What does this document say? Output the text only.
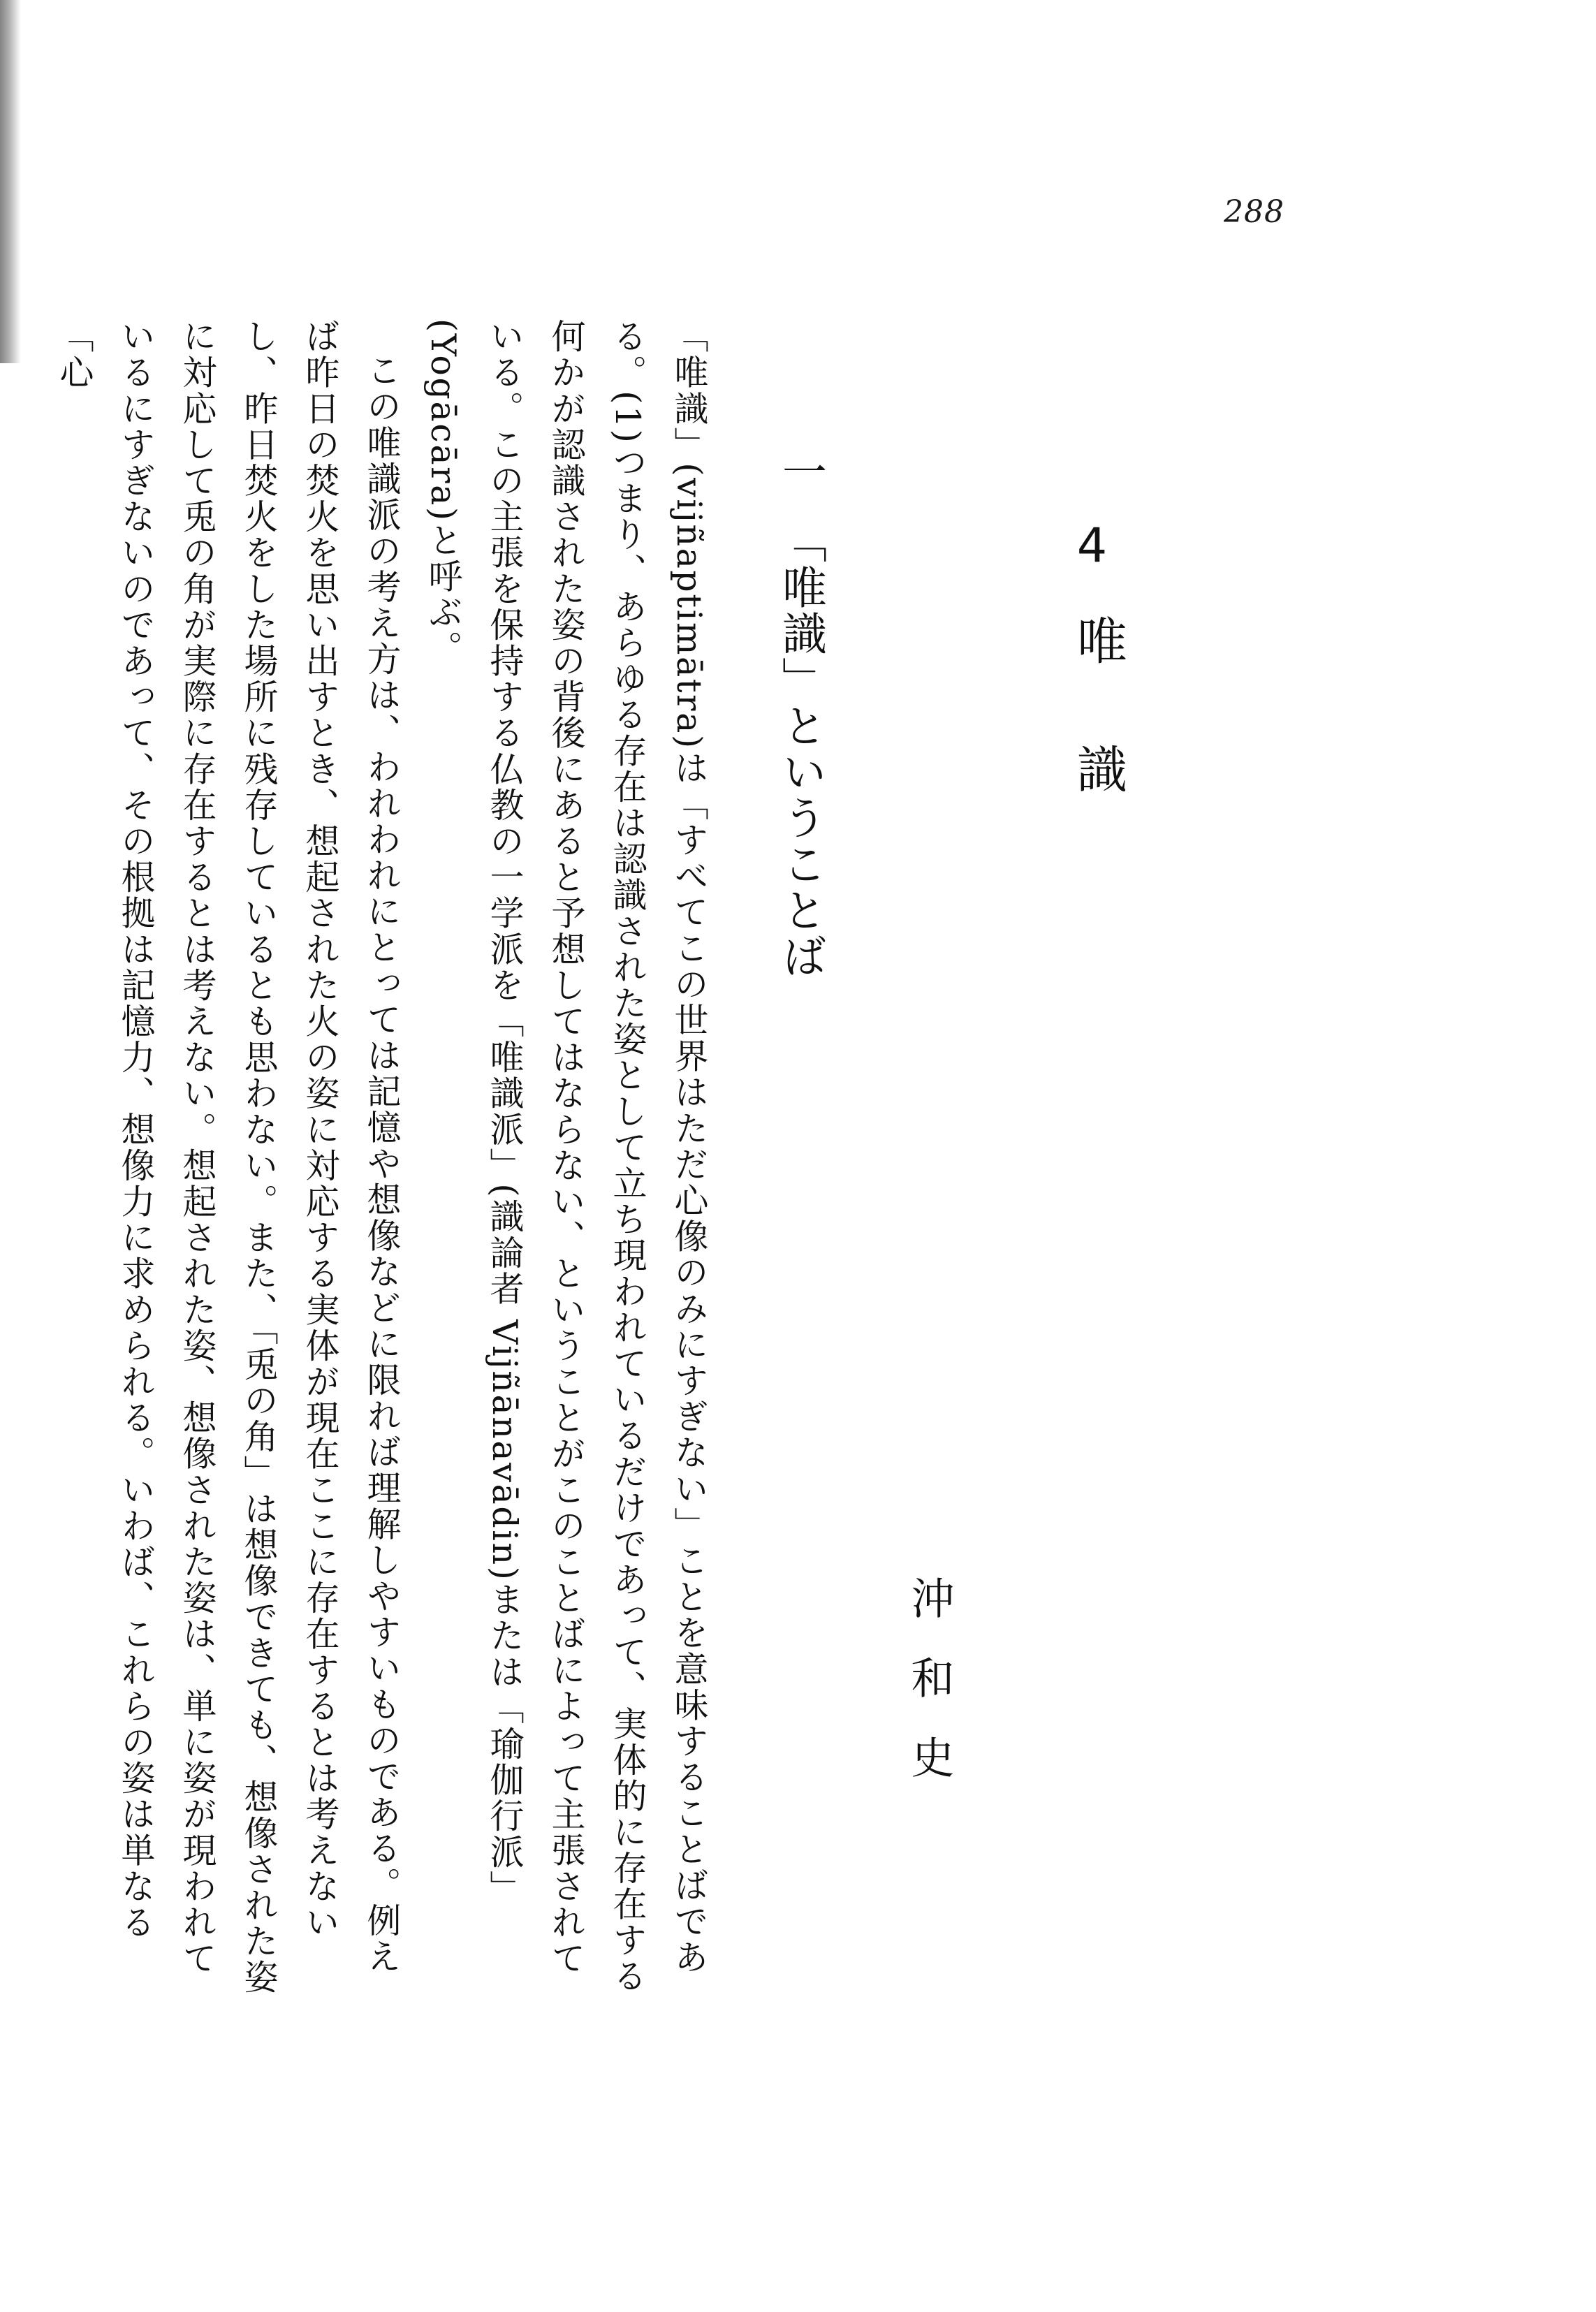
288
4
唯識
沖和史
一　「唯識」ということば

「唯識」(vijñaptimātra)は「すべてこの世界はただ心像のみにすぎない」ことを意味することばである。(1)つまり、あらゆる存在は認識された姿として立ち現われているだけであって、実体的に存在する何かが認識された姿の背後にあると予想してはならない、ということがこのことばによって主張されている。この主張を保持する仏教の一学派を「唯識派」(識論者 Vijñānavādin)または「瑜伽行派」(Yogācāra)と呼ぶ。

この唯識派の考え方は、われわれにとっては記憶や想像などに限れば理解しやすいものである。例えば昨日の焚火を思い出すとき、想起された火の姿に対応する実体が現在ここに存在するとは考えないし、昨日焚火をした場所に残存しているとも思わない。また、「兎の角」は想像できても、想像された姿に対応して兎の角が実際に存在するとは考えない。想起された姿、想像された姿は、単に姿が現われているにすぎないのであって、その根拠は記憶力、想像力に求められる。いわば、これらの姿は単なる「心
